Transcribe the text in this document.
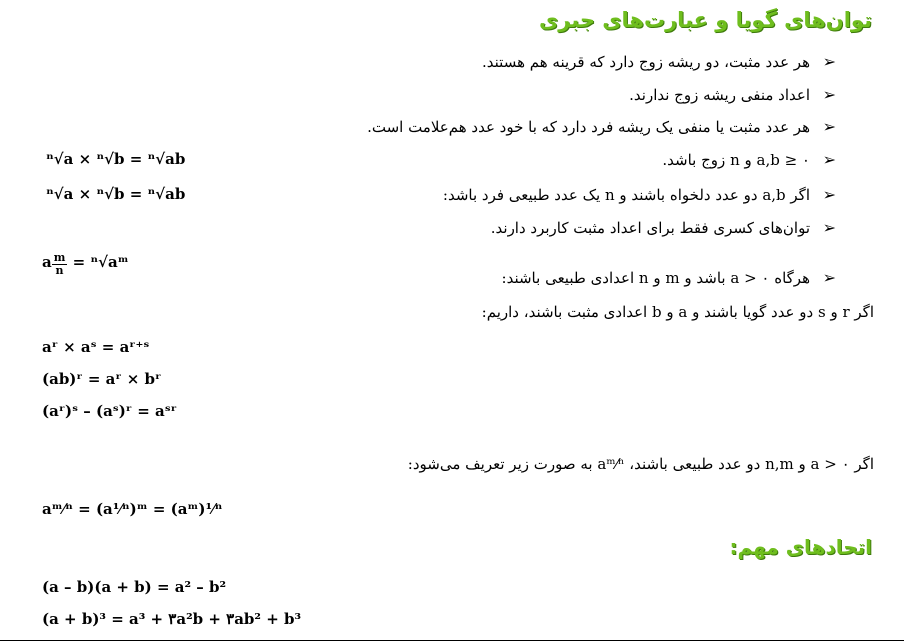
توان‌های گویا و عبارت‌های جبری
➢هر عدد مثبت، دو ریشه زوج دارد که قرینه هم هستند.
➢اعداد منفی ریشه زوج ندارند.
➢هر عدد مثبت یا منفی یک ریشه فرد دارد که با خود عدد هم‌علامت است.
➢a,b ≥ ۰ و n زوج باشد.
➢اگر a,b دو عدد دلخواه باشند و n یک عدد طبیعی فرد باشد:
➢توان‌های کسری فقط برای اعداد مثبت کاربرد دارند.
➢هرگاه a > ۰ باشد و m و n اعدادی طبیعی باشند:
ⁿ√a × ⁿ√b = ⁿ√ab
ⁿ√a × ⁿ√b = ⁿ√ab
a $\frac{m}{n}$ = ⁿ√aᵐ
اگر r و s دو عدد گویا باشند و a و b اعدادی مثبت باشند، داریم:
aʳ × aˢ = aʳ⁺ˢ
(ab)ʳ = aʳ × bʳ
(aʳ)ˢ – (aˢ)ʳ = aˢʳ
اگر a > ۰ و n,m دو عدد طبیعی باشند، aᵐ⁄ⁿ به صورت زیر تعریف می‌شود:
aᵐ⁄ⁿ = (a¹⁄ⁿ)ᵐ = (aᵐ)¹⁄ⁿ
اتحادهای مهم:
(a – b)(a + b) = a² – b²
(a + b)³ = a³ + ۳a²b + ۳ab² + b³
